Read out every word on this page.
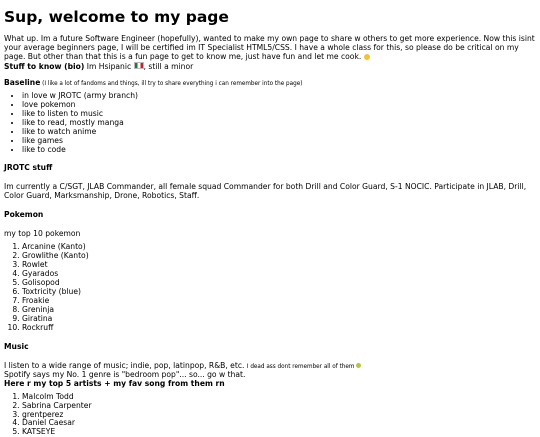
Sup, welcome to my page

What up. Im a future Software Engineer (hopefully), wanted to make my own page to share w others to get more experience. Now this isint your average beginners page, I will be certified im IT Specialist HTML5/CSS. I have a whole class for this, so please do be critical on my page. But other than that this is a fun page to get to know me, just have fun and let me cook.
Stuff to know (bio) Im Hsipanic , still a minor

Baseline (I like a lot of fandoms and things, ill try to share everything i can remember into the page)

• in love w JROTC (army branch)
• love pokemon
• like to listen to music
• like to read, mostly manga
• like to watch anime
• like games
• like to code
JROTC stuff

Im currently a C/SGT, JLAB Commander, all female squad Commander for both Drill and Color Guard, S-1 NOCIC. Participate in JLAB, Drill, Color Guard, Marksmanship, Drone, Robotics, Staff.

Pokemon

my top 10 pokemon

1. Arcanine (Kanto)
2. Growlithe (Kanto)
3. Rowlet
4. Gyarados
5. Golisopod
6. Toxtricity (blue)
7. Froakie
8. Greninja
9. Giratina
10. Rockruff
Music

I listen to a wide range of music; indie, pop, latinpop, R&B, etc. I dead ass dont remember all of them
Spotify says my No. 1 genre is "bedroom pop"... so... go w that.
Here r my top 5 artists + my fav song from them rn

1. Malcolm Todd
2. Sabrina Carpenter
3. grentperez
4. Daniel Caesar
5. KATSEYE
